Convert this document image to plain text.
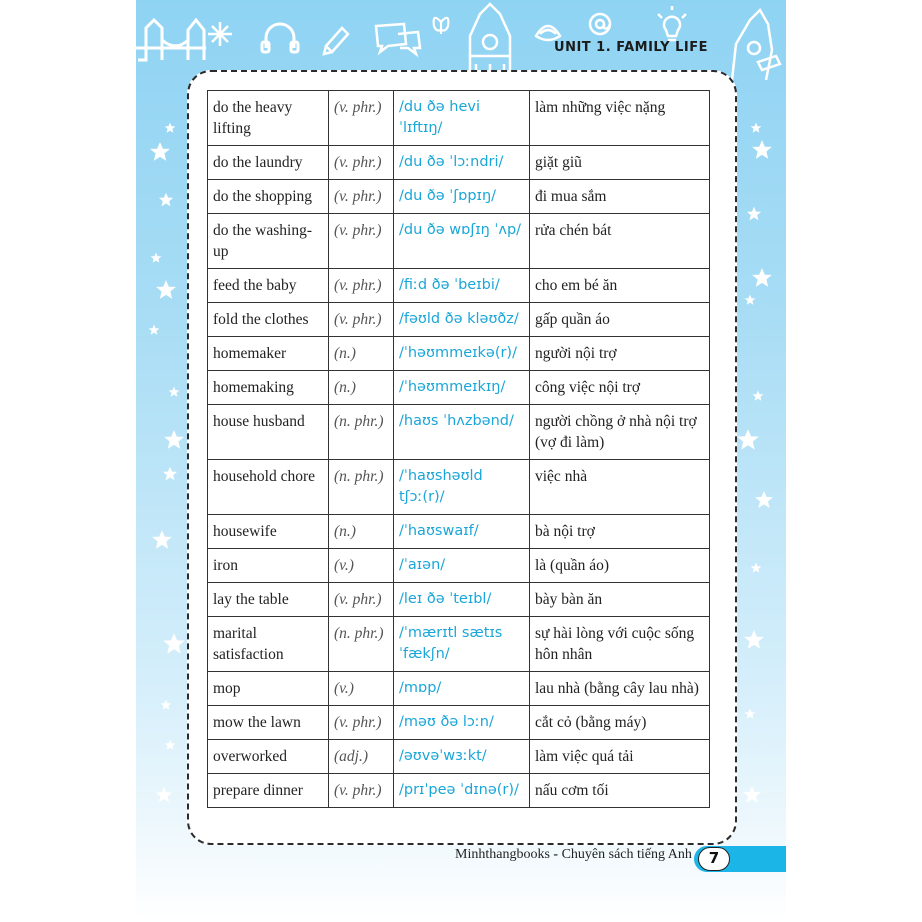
UNIT 1. FAMILY LIFE
do the heavy lifting	(v. phr.)	/du ðə hevi ˈlɪftɪŋ/	làm những việc nặng
do the laundry	(v. phr.)	/du ðə ˈlɔːndri/	giặt giũ
do the shopping	(v. phr.)	/du ðə ˈʃɒpɪŋ/	đi mua sắm
do the washing-up	(v. phr.)	/du ðə wɒʃɪŋ ˈʌp/	rửa chén bát
feed the baby	(v. phr.)	/fiːd ðə ˈbeɪbi/	cho em bé ăn
fold the clothes	(v. phr.)	/fəʊld ðə kləʊðz/	gấp quần áo
homemaker	(n.)	/ˈhəʊmmeɪkə(r)/	người nội trợ
homemaking	(n.)	/ˈhəʊmmeɪkɪŋ/	công việc nội trợ
house husband	(n. phr.)	/haʊs ˈhʌzbənd/	người chồng ở nhà nội trợ (vợ đi làm)
household chore	(n. phr.)	/ˈhaʊshəʊld tʃɔː(r)/	việc nhà
housewife	(n.)	/ˈhaʊswaɪf/	bà nội trợ
iron	(v.)	/ˈaɪən/	là (quần áo)
lay the table	(v. phr.)	/leɪ ðə ˈteɪbl/	bày bàn ăn
marital satisfaction	(n. phr.)	/ˈmærɪtl sætɪsˈfækʃn/	sự hài lòng với cuộc sống hôn nhân
mop	(v.)	/mɒp/	lau nhà (bằng cây lau nhà)
mow the lawn	(v. phr.)	/məʊ ðə lɔːn/	cắt cỏ (bằng máy)
overworked	(adj.)	/əʊvəˈwɜːkt/	làm việc quá tải
prepare dinner	(v. phr.)	/prɪˈpeə ˈdɪnə(r)/	nấu cơm tối
Minhthangbooks - Chuyên sách tiếng Anh	7
